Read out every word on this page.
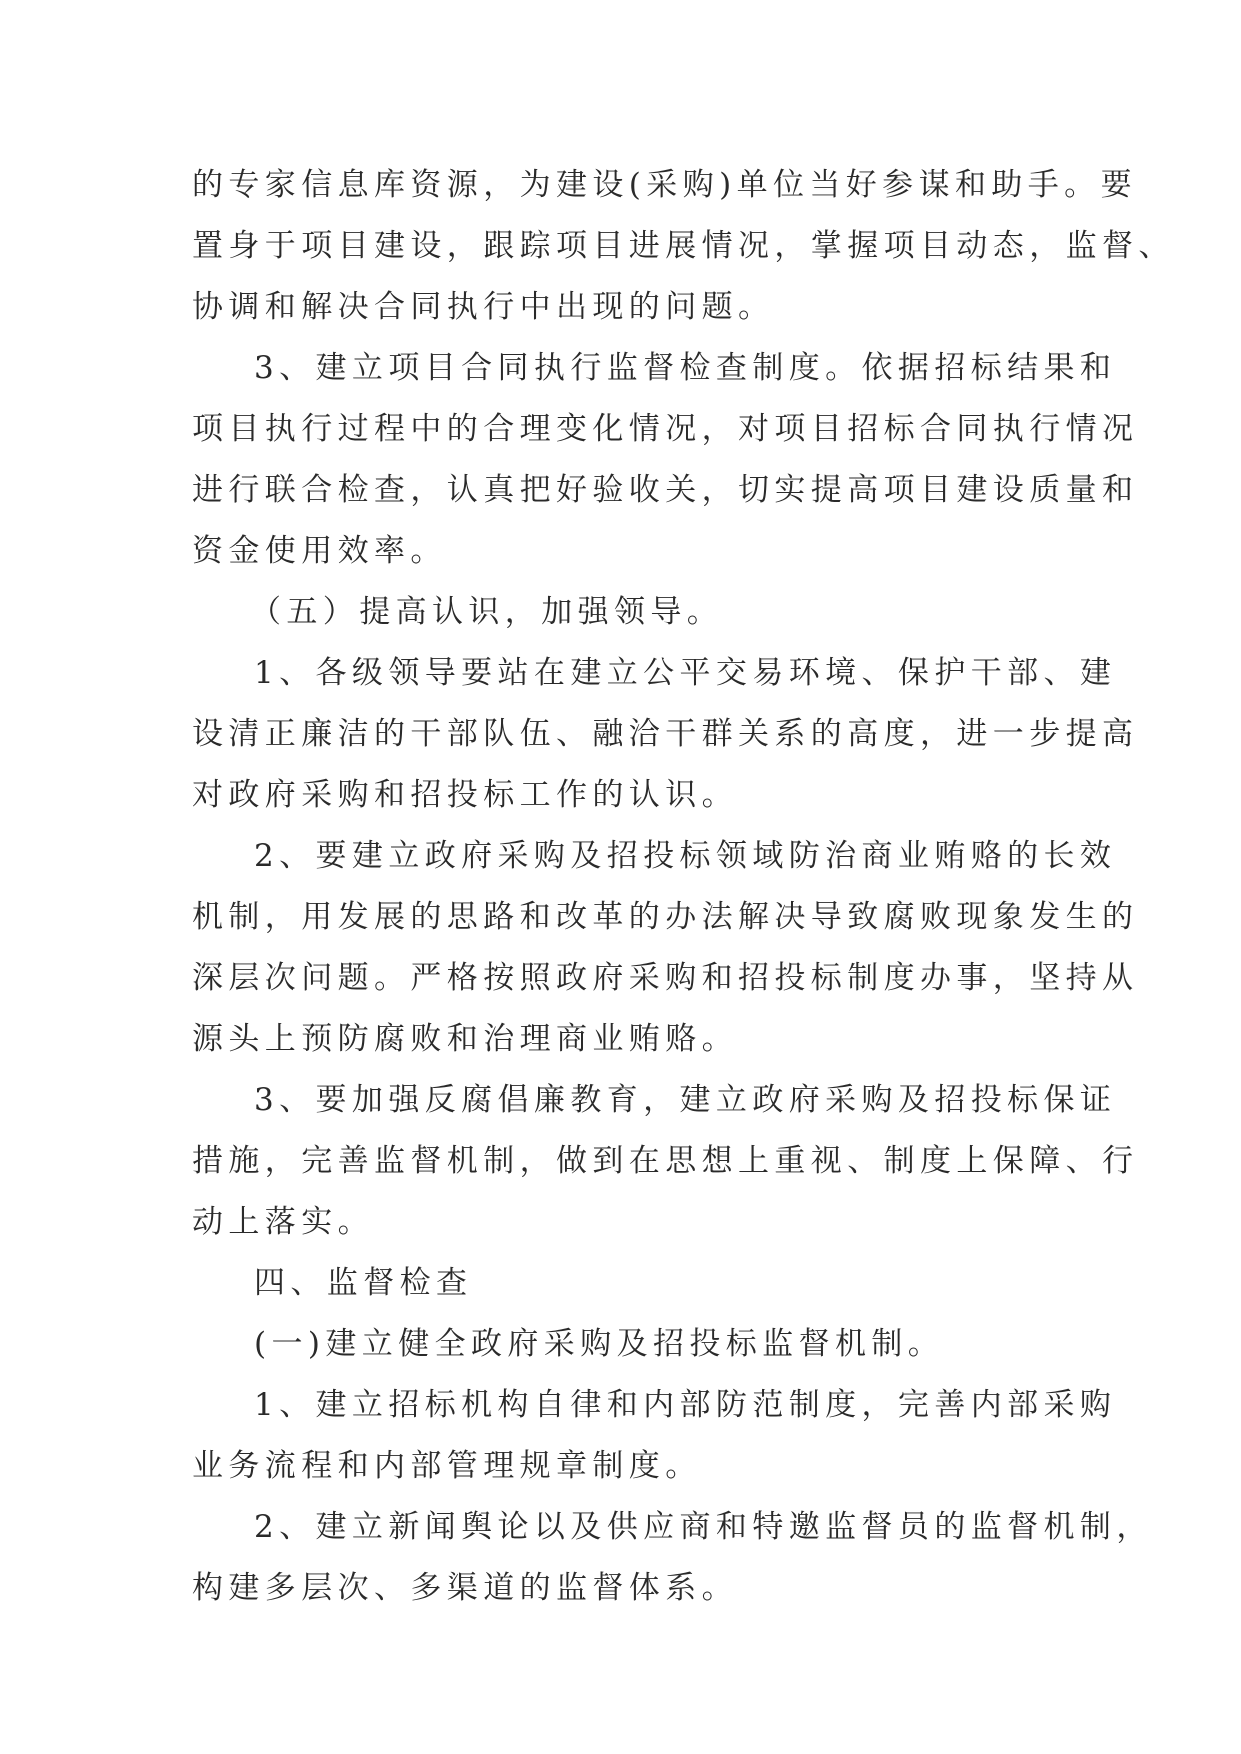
的专家信息库资源，为建设(采购)单位当好参谋和助手。要
置身于项目建设，跟踪项目进展情况，掌握项目动态，监督、
协调和解决合同执行中出现的问题。
3、建立项目合同执行监督检查制度。依据招标结果和
项目执行过程中的合理变化情况，对项目招标合同执行情况
进行联合检查，认真把好验收关，切实提高项目建设质量和
资金使用效率。
（五）提高认识，加强领导。
1、各级领导要站在建立公平交易环境、保护干部、建
设清正廉洁的干部队伍、融洽干群关系的高度，进一步提高
对政府采购和招投标工作的认识。
2、要建立政府采购及招投标领域防治商业贿赂的长效
机制，用发展的思路和改革的办法解决导致腐败现象发生的
深层次问题。严格按照政府采购和招投标制度办事，坚持从
源头上预防腐败和治理商业贿赂。
3、要加强反腐倡廉教育，建立政府采购及招投标保证
措施，完善监督机制，做到在思想上重视、制度上保障、行
动上落实。
四、监督检查
(一)建立健全政府采购及招投标监督机制。
1、建立招标机构自律和内部防范制度，完善内部采购
业务流程和内部管理规章制度。
2、建立新闻舆论以及供应商和特邀监督员的监督机制，
构建多层次、多渠道的监督体系。
